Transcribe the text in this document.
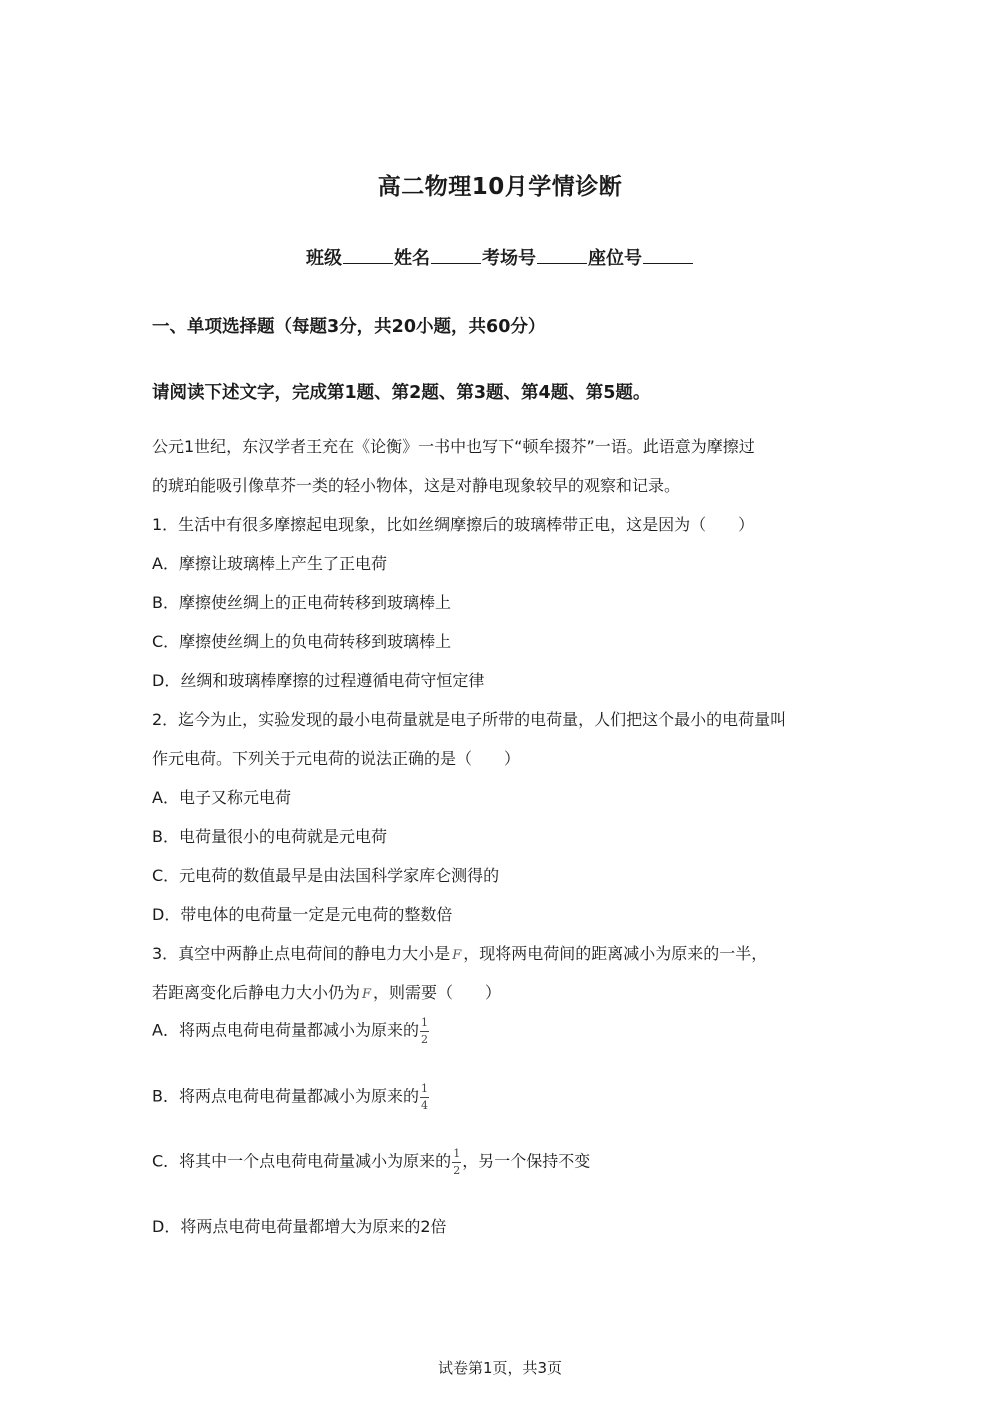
高二物理10月学情诊断
班级	姓名	考场号	座位号
一、单项选择题（每题3分，共20小题，共60分）
请阅读下述文字，完成第1题、第2题、第3题、第4题、第5题。
公元1世纪，东汉学者王充在《论衡》一书中也写下“顿牟掇芥”一语。此语意为摩擦过
的琥珀能吸引像草芥一类的轻小物体，这是对静电现象较早的观察和记录。
1．生活中有很多摩擦起电现象，比如丝绸摩擦后的玻璃棒带正电，这是因为（　　）
A．摩擦让玻璃棒上产生了正电荷
B．摩擦使丝绸上的正电荷转移到玻璃棒上
C．摩擦使丝绸上的负电荷转移到玻璃棒上
D．丝绸和玻璃棒摩擦的过程遵循电荷守恒定律
2．迄今为止，实验发现的最小电荷量就是电子所带的电荷量，人们把这个最小的电荷量叫
作元电荷。下列关于元电荷的说法正确的是（　　）
A．电子又称元电荷
B．电荷量很小的电荷就是元电荷
C．元电荷的数值最早是由法国科学家库仑测得的
D．带电体的电荷量一定是元电荷的整数倍
3．真空中两静止点电荷间的静电力大小是 F ，现将两电荷间的距离减小为原来的一半，
若距离变化后静电力大小仍为 F ，则需要（　　）
A．将两点电荷电荷量都减小为原来的 $\frac{1}{2}$
B．将两点电荷电荷量都减小为原来的 $\frac{1}{4}$
C．将其中一个点电荷电荷量减小为原来的 $\frac{1}{2}$ ，另一个保持不变
D．将两点电荷电荷量都增大为原来的2倍
试卷第1页，共3页
